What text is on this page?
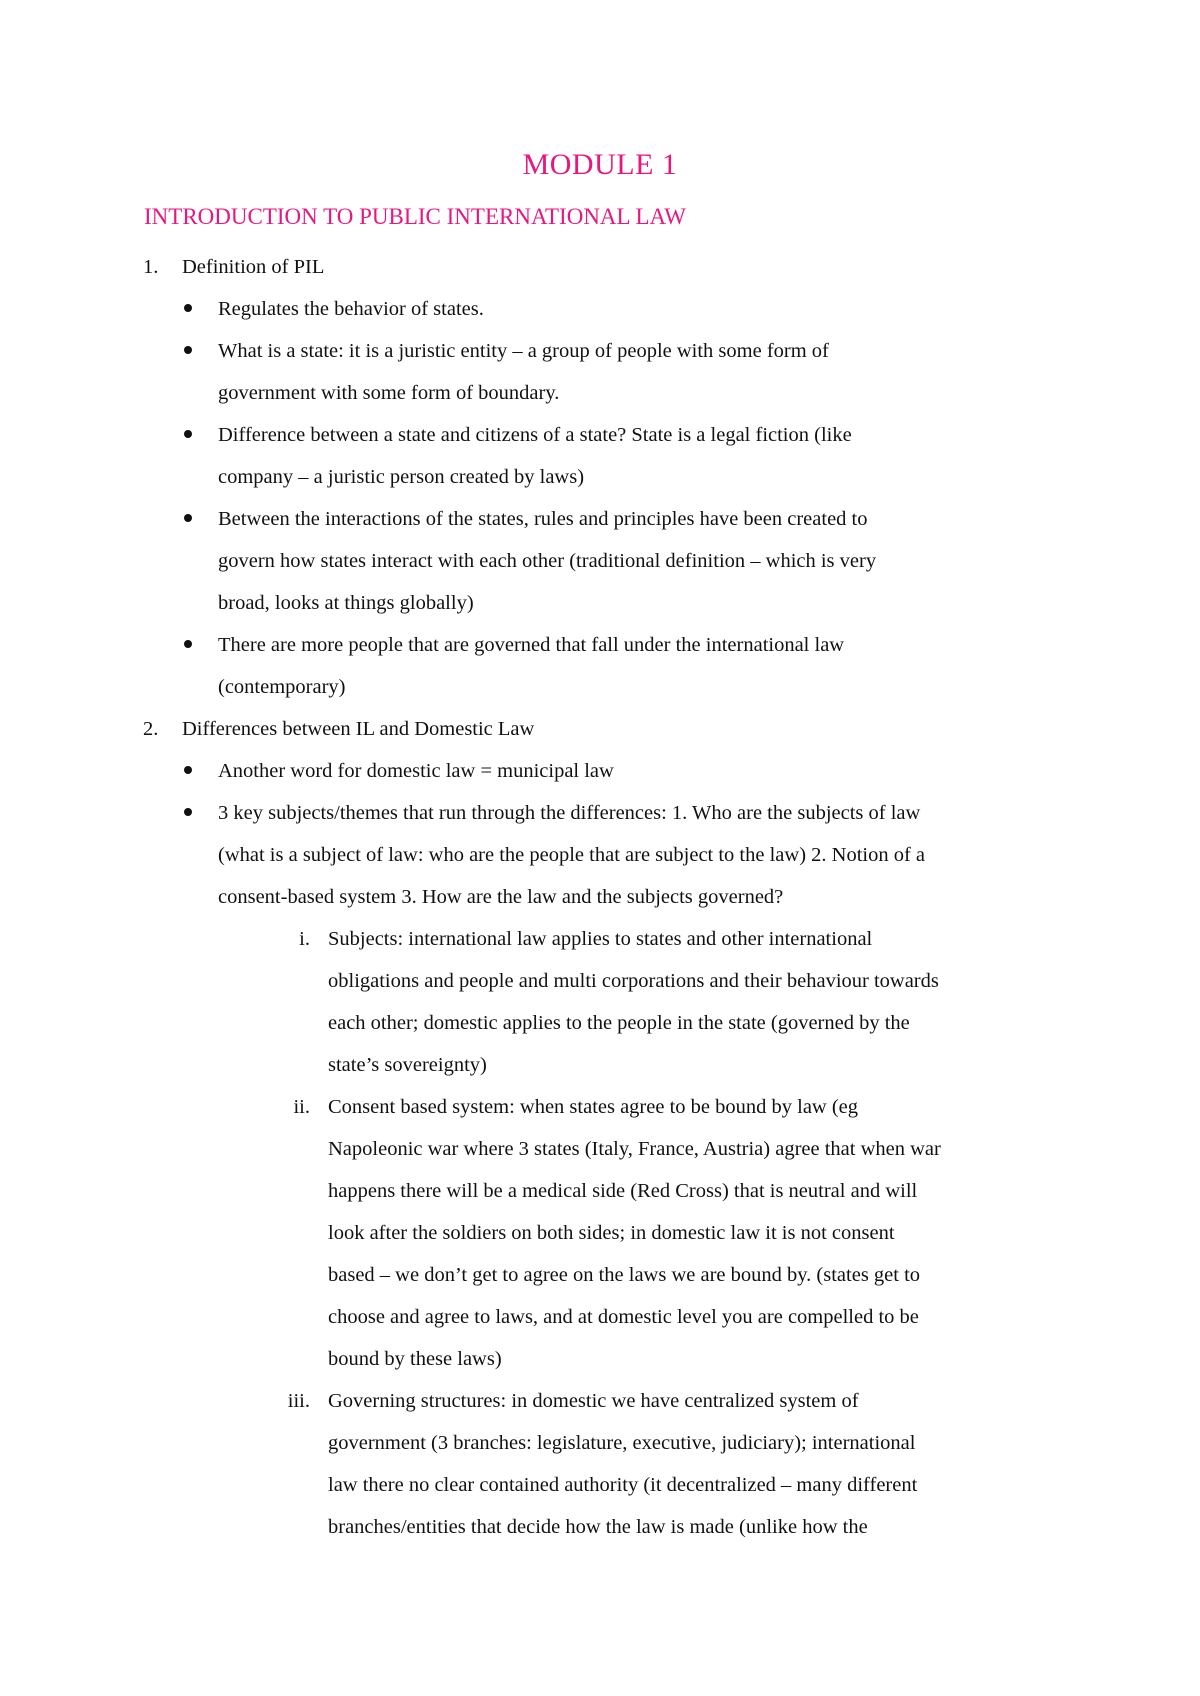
MODULE 1
INTRODUCTION TO PUBLIC INTERNATIONAL LAW
1. Definition of PIL
Regulates the behavior of states.
What is a state: it is a juristic entity – a group of people with some form of
government with some form of boundary.
Difference between a state and citizens of a state? State is a legal fiction (like
company – a juristic person created by laws)
Between the interactions of the states, rules and principles have been created to
govern how states interact with each other (traditional definition – which is very
broad, looks at things globally)
There are more people that are governed that fall under the international law
(contemporary)
2. Differences between IL and Domestic Law
Another word for domestic law = municipal law
3 key subjects/themes that run through the differences: 1. Who are the subjects of law
(what is a subject of law: who are the people that are subject to the law) 2. Notion of a
consent-based system 3. How are the law and the subjects governed?
i. Subjects: international law applies to states and other international
obligations and people and multi corporations and their behaviour towards
each other; domestic applies to the people in the state (governed by the
state’s sovereignty)
ii. Consent based system: when states agree to be bound by law (eg
Napoleonic war where 3 states (Italy, France, Austria) agree that when war
happens there will be a medical side (Red Cross) that is neutral and will
look after the soldiers on both sides; in domestic law it is not consent
based – we don’t get to agree on the laws we are bound by. (states get to
choose and agree to laws, and at domestic level you are compelled to be
bound by these laws)
iii. Governing structures: in domestic we have centralized system of
government (3 branches: legislature, executive, judiciary); international
law there no clear contained authority (it decentralized – many different
branches/entities that decide how the law is made (unlike how the
